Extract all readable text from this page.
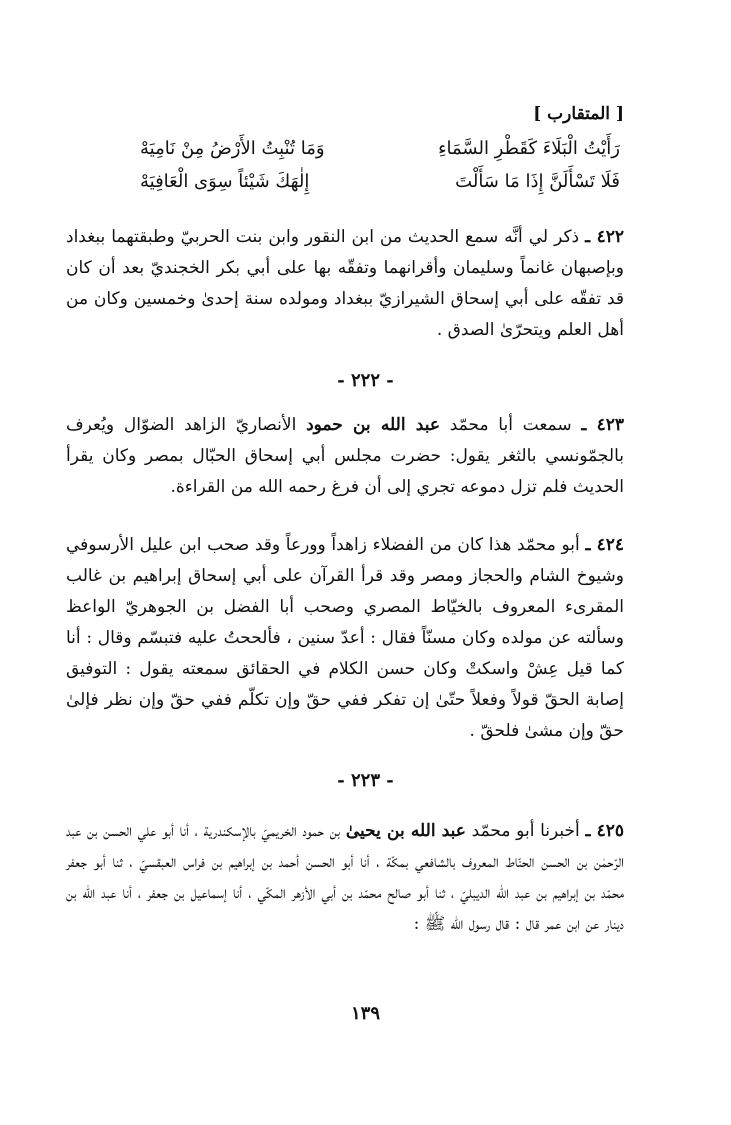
[ المتقارب ]
رَأَيْتُ الْبَلَاءَ كَقَطْرِ السَّمَاءِ
وَمَا تُنْبِتُ الأَرْضُ مِنْ نَامِيَهْ
فَلَا تَسْأَلَنَّ إِذَا مَا سَأَلْتَ
إِلٰهَكَ شَيْئاً سِوَى الْعَافِيَهْ

٤٢٢ ـ ذكر لي أنَّه سمع الحديث من ابن النقور وابن بنت الحربيّ وطبقتهما ببغداد وبإصبهان غانماً وسليمان وأقرانهما وتفقّه بها على أبي بكر الخجنديّ بعد أن كان قد تفقّه على أبي إسحاق الشيرازيّ ببغداد ومولده سنة إحدىٰ وخمسين وكان من أهل العلم ويتحرّىٰ الصدق .

- ٢٢٢ -

٤٢٣ ـ سمعت أبا محمّد عبد الله بن حمود الأنصاريّ الزاهد الضوّال ويُعرف بالجمّونسي بالثغر يقول: حضرت مجلس أبي إسحاق الحبّال بمصر وكان يقرأ الحديث فلم تزل دموعه تجري إلى أن فرغ رحمه الله من القراءة.

٤٢٤ ـ أبو محمّد هذا كان من الفضلاء زاهداً وورعاً وقد صحب ابن عليل الأرسوفي وشيوخ الشام والحجاز ومصر وقد قرأ القرآن على أبي إسحاق إبراهيم بن غالب المقرىء المعروف بالخيّاط المصري وصحب أبا الفضل بن الجوهريّ الواعظ وسألته عن مولده وكان مسنّاً فقال : أعدّ سنين ، فألححتُ عليه فتبسّم وقال : أنا كما قيل عِشْ واسكتْ وكان حسن الكلام في الحقائق سمعته يقول : التوفيق إصابة الحقّ قولاً وفعلاً حتّىٰ إن تفكر ففي حقّ وإن تكلّم ففي حقّ وإن نظر فإلىٰ حقّ وإن مشىٰ فلحقّ .

- ٢٢٣ -

٤٢٥ ـ أخبرنا أبو محمّد عبد الله بن يحيىٰ بن حمود الخريميّ بالإسكندرية ، أنا أبو علي الحسن بن عبد الرّحمٰن بن الحسن الحنّاط المعروف بالشافعي بمكّة ، أنا أبو الحسن أحمد بن إبراهيم بن فراس العبقسيّ ، ثنا أبو جعفر محمّد بن إبراهيم بن عبد الله الديبليّ ، ثنا أبو صالح محمّد بن أبي الأزهر المكّي ، أنا إسماعيل بن جعفر ، أنا عبد الله بن دينار عن ابن عمر قال : قال رسول الله ﷺ :

١٣٩
